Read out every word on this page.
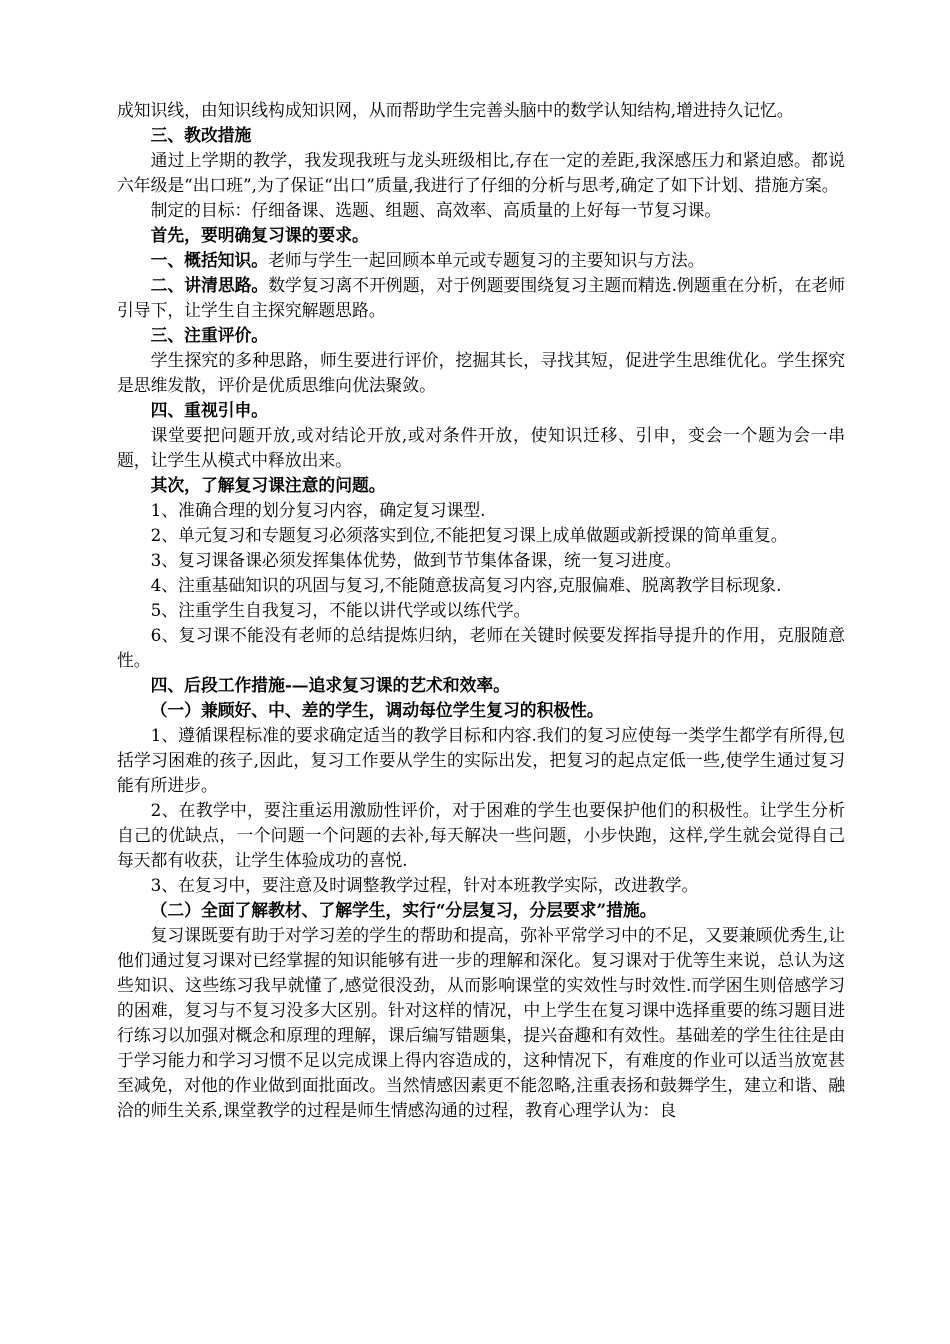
成知识线，由知识线构成知识网，从而帮助学生完善头脑中的数学认知结构,增进持久记忆。

三、教改措施

通过上学期的教学，我发现我班与龙头班级相比,存在一定的差距,我深感压力和紧迫感。都说六年级是“出口班”,为了保证“出口”质量,我进行了仔细的分析与思考,确定了如下计划、措施方案。

制定的目标：仔细备课、选题、组题、高效率、高质量的上好每一节复习课。

首先，要明确复习课的要求。

一、概括知识。老师与学生一起回顾本单元或专题复习的主要知识与方法。

二、讲清思路。数学复习离不开例题，对于例题要围绕复习主题而精选.例题重在分析，在老师引导下，让学生自主探究解题思路。

三、注重评价。

学生探究的多种思路，师生要进行评价，挖掘其长，寻找其短，促进学生思维优化。学生探究是思维发散，评价是优质思维向优法聚敛。

四、重视引申。

课堂要把问题开放,或对结论开放,或对条件开放，使知识迁移、引申，变会一个题为会一串题，让学生从模式中释放出来。

其次，了解复习课注意的问题。

1、准确合理的划分复习内容，确定复习课型.

2、单元复习和专题复习必须落实到位,不能把复习课上成单做题或新授课的简单重复。

3、复习课备课必须发挥集体优势，做到节节集体备课，统一复习进度。

4、注重基础知识的巩固与复习,不能随意拔高复习内容,克服偏难、脱离教学目标现象.

5、注重学生自我复习，不能以讲代学或以练代学。

6、复习课不能没有老师的总结提炼归纳，老师在关键时候要发挥指导提升的作用，克服随意性。

四、后段工作措施-—追求复习课的艺术和效率。

（一）兼顾好、中、差的学生，调动每位学生复习的积极性。

1、遵循课程标准的要求确定适当的教学目标和内容.我们的复习应使每一类学生都学有所得,包括学习困难的孩子,因此，复习工作要从学生的实际出发，把复习的起点定低一些,使学生通过复习能有所进步。

2、在教学中，要注重运用激励性评价，对于困难的学生也要保护他们的积极性。让学生分析自己的优缺点，一个问题一个问题的去补,每天解决一些问题，小步快跑，这样,学生就会觉得自己每天都有收获，让学生体验成功的喜悦.

3、在复习中，要注意及时调整教学过程，针对本班教学实际，改进教学。

（二）全面了解教材、了解学生，实行“分层复习，分层要求”措施。

复习课既要有助于对学习差的学生的帮助和提高，弥补平常学习中的不足，又要兼顾优秀生,让他们通过复习课对已经掌握的知识能够有进一步的理解和深化。复习课对于优等生来说，总认为这些知识、这些练习我早就懂了,感觉很没劲，从而影响课堂的实效性与时效性.而学困生则倍感学习的困难，复习与不复习没多大区别。针对这样的情况，中上学生在复习课中选择重要的练习题目进行练习以加强对概念和原理的理解，课后编写错题集，提兴奋趣和有效性。基础差的学生往往是由于学习能力和学习习惯不足以完成课上得内容造成的，这种情况下，有难度的作业可以适当放宽甚至减免，对他的作业做到面批面改。当然情感因素更不能忽略,注重表扬和鼓舞学生，建立和谐、融洽的师生关系,课堂教学的过程是师生情感沟通的过程，教育心理学认为：良
